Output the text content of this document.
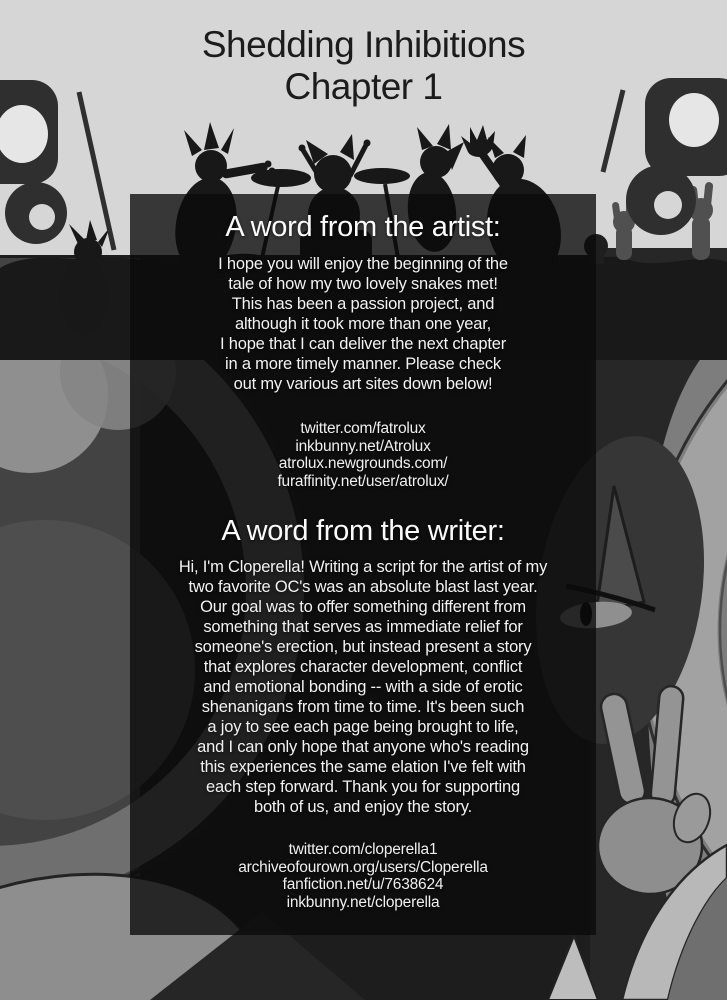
Shedding Inhibitions
Chapter 1
A word from the artist:
I hope you will enjoy the beginning of the
tale of how my two lovely snakes met!
This has been a passion project, and
although it took more than one year,
I hope that I can deliver the next chapter
in a more timely manner. Please check
out my various art sites down below!
twitter.com/fatrolux
inkbunny.net/Atrolux
atrolux.newgrounds.com/
furaffinity.net/user/atrolux/
A word from the writer:
Hi, I'm Cloperella! Writing a script for the artist of my
two favorite OC's was an absolute blast last year.
Our goal was to offer something different from
something that serves as immediate relief for
someone's erection, but instead present a story
that explores character development, conflict
and emotional bonding -- with a side of erotic
shenanigans from time to time. It's been such
a joy to see each page being brought to life,
and I can only hope that anyone who's reading
this experiences the same elation I've felt with
each step forward. Thank you for supporting
both of us, and enjoy the story.
twitter.com/cloperella1
archiveofourown.org/users/Cloperella
fanfiction.net/u/7638624
inkbunny.net/cloperella
